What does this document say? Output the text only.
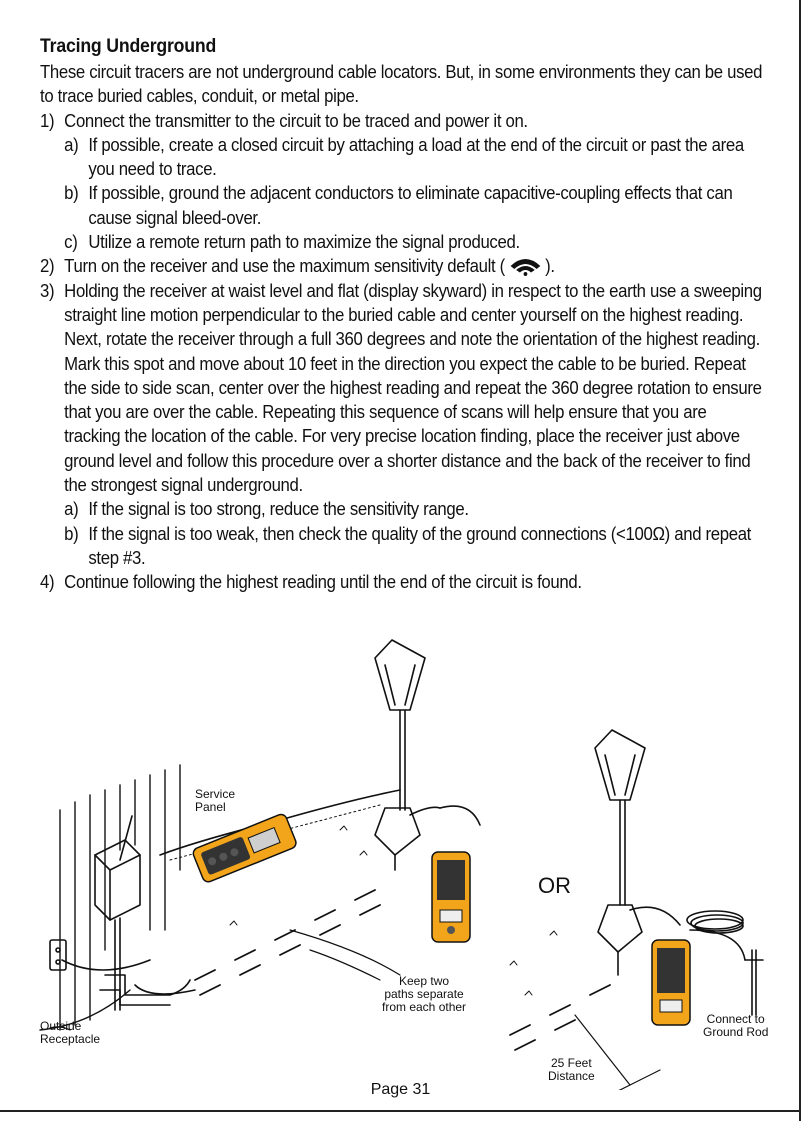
Tracing Underground

These circuit tracers are not underground cable locators. But, in some environments they can be used to trace buried cables, conduit, or metal pipe.

1) Connect the transmitter to the circuit to be traced and power it on.
a) If possible, create a closed circuit by attaching a load at the end of the circuit or past the area you need to trace.
b) If possible, ground the adjacent conductors to eliminate capacitive-coupling effects that can cause signal bleed-over.
c) Utilize a remote return path to maximize the signal produced.
2) Turn on the receiver and use the maximum sensitivity default ( ).
3) Holding the receiver at waist level and flat (display skyward) in respect to the earth use a sweeping straight line motion perpendicular to the buried cable and center yourself on the highest reading. Next, rotate the receiver through a full 360 degrees and note the orientation of the highest reading. Mark this spot and move about 10 feet in the direction you expect the cable to be buried. Repeat the side to side scan, center over the highest reading and repeat the 360 degree rotation to ensure that you are over the cable. Repeating this sequence of scans will help ensure that you are tracking the location of the cable. For very precise location finding, place the receiver just above ground level and follow this procedure over a shorter distance and the back of the receiver to find the strongest signal underground.
a) If the signal is too strong, reduce the sensitivity range.
b) If the signal is too weak, then check the quality of the ground connections (<100Ω) and repeat step #3.
4) Continue following the highest reading until the end of the circuit is found.
Service
Panel
Outside
Receptacle
Keep two
paths separate
from each other
OR
25 Feet
Distance
Connect to
Ground Rod
Page 31
